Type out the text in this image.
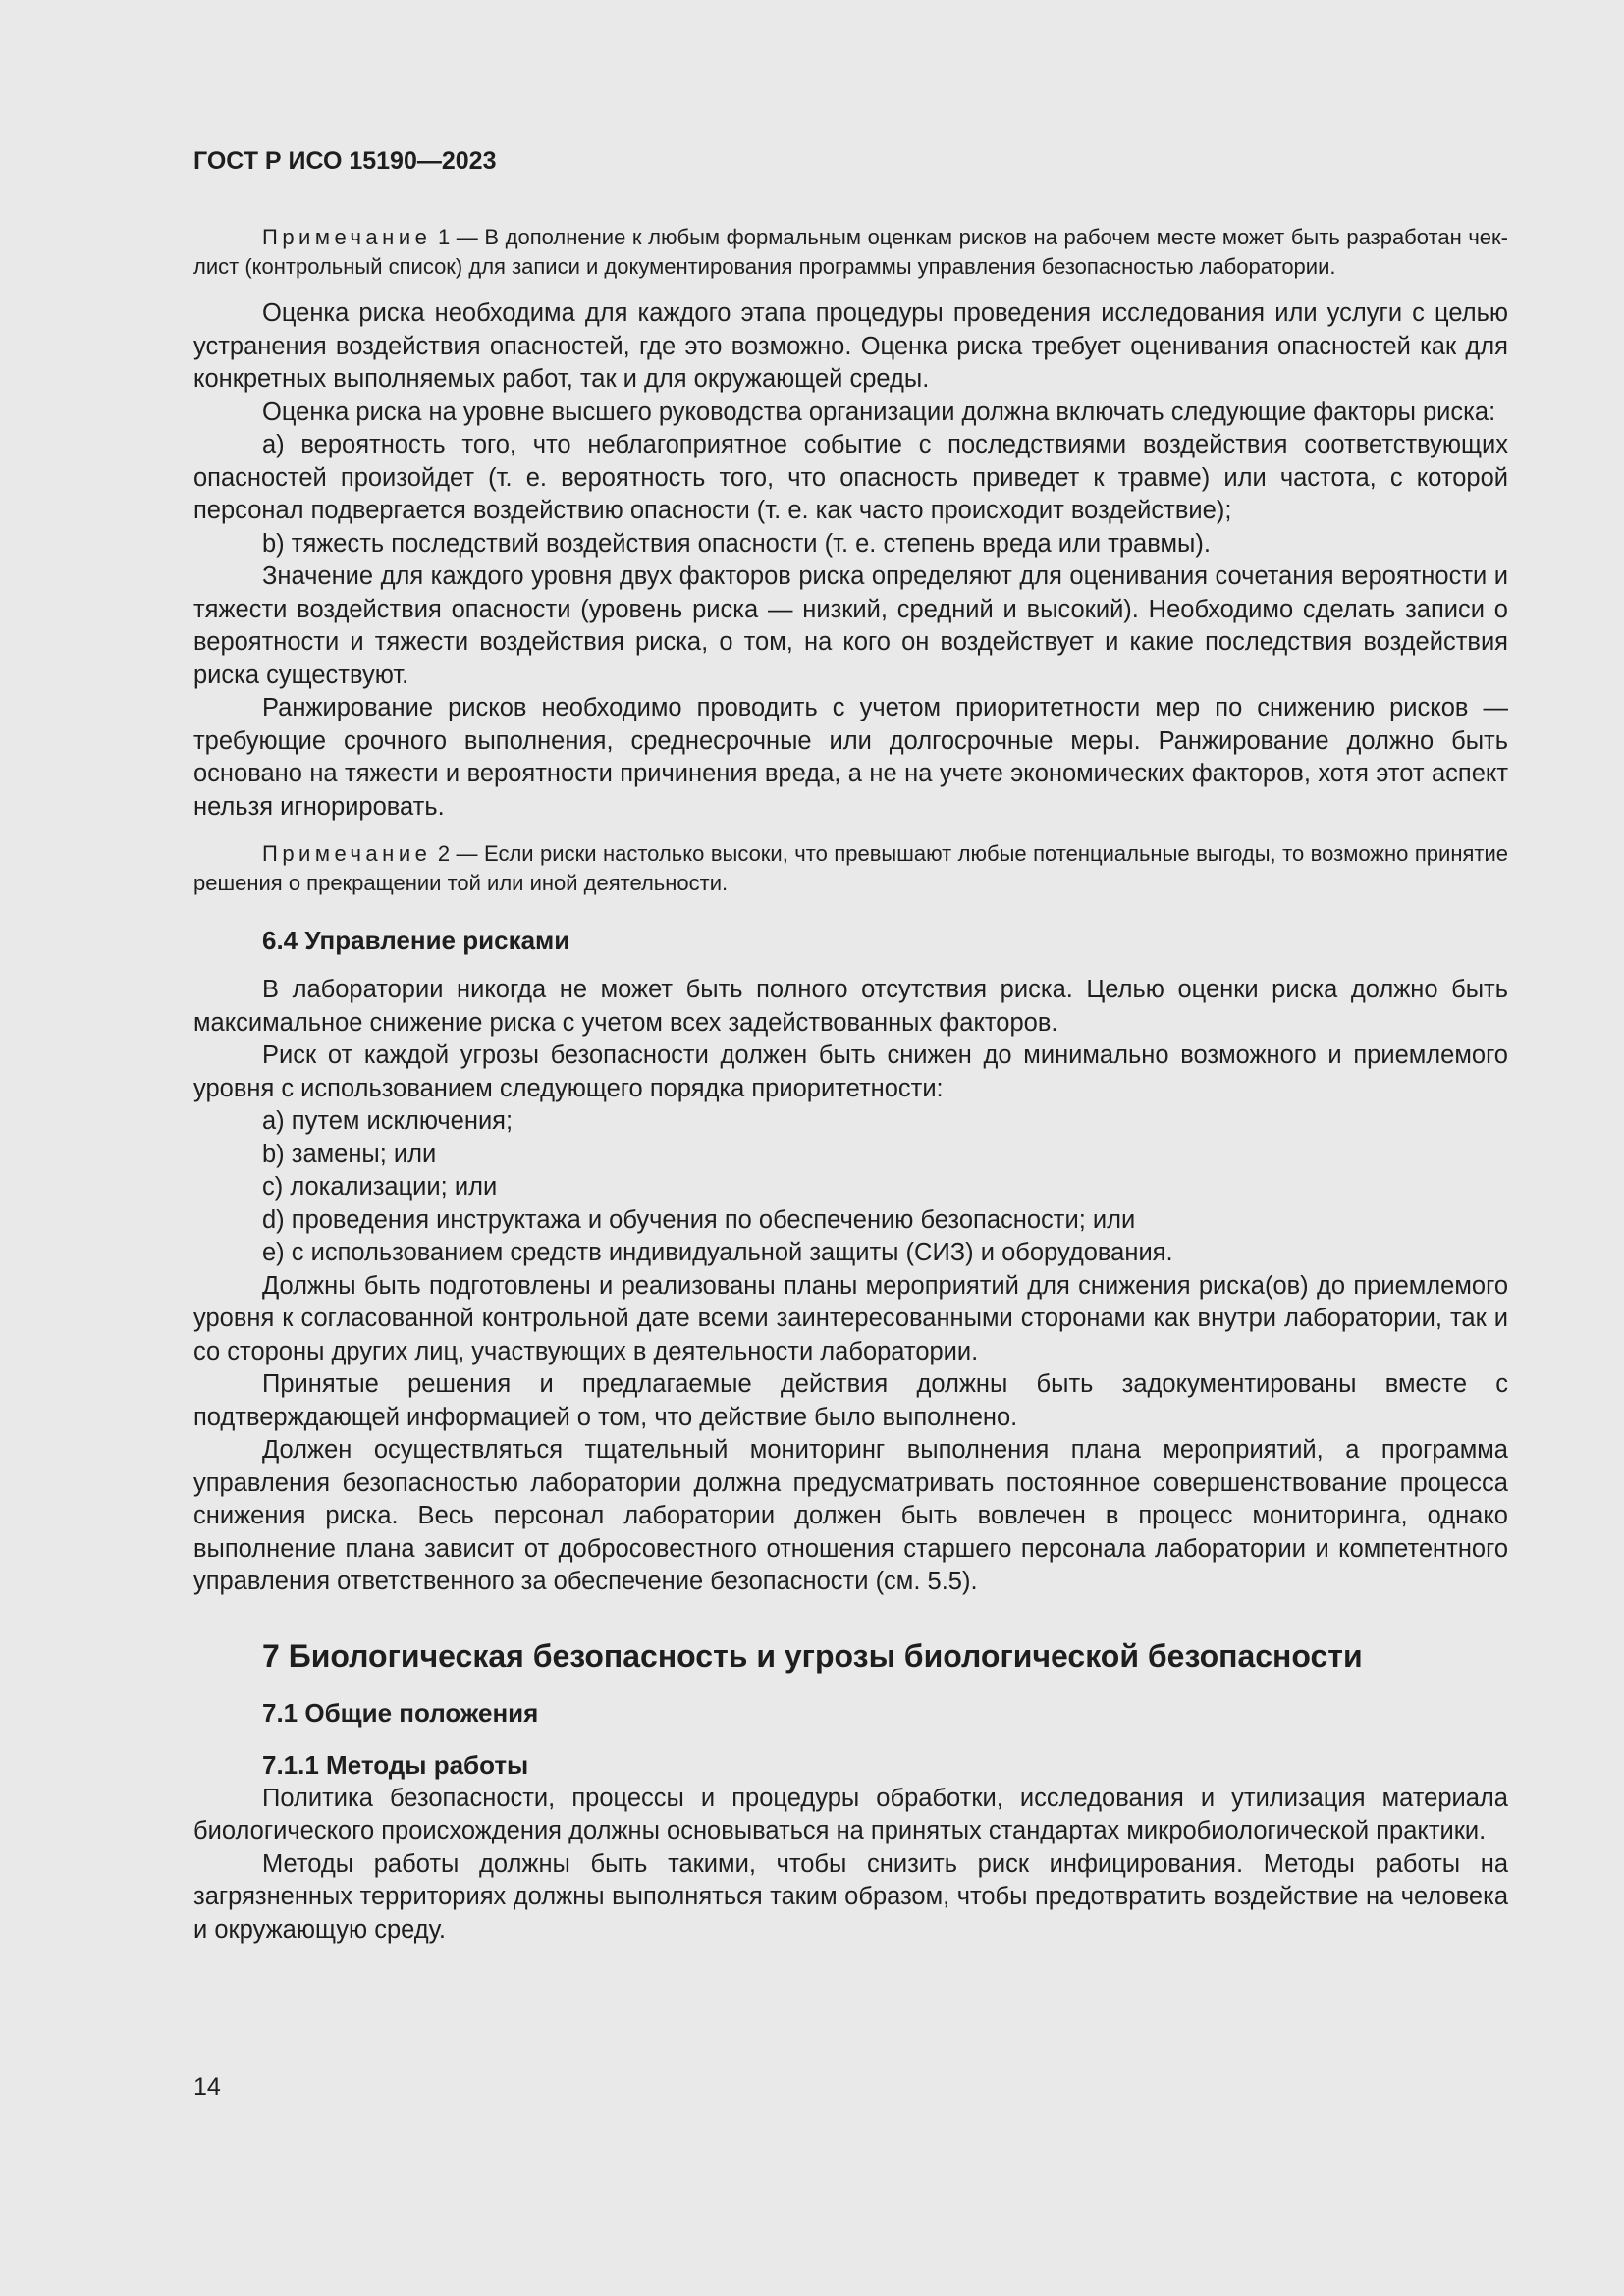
ГОСТ Р ИСО 15190—2023

Примечание 1 — В дополнение к любым формальным оценкам рисков на рабочем месте может быть разработан чек-лист (контрольный список) для записи и документирования программы управления безопасностью лаборатории.

Оценка риска необходима для каждого этапа процедуры проведения исследования или услуги с целью устранения воздействия опасностей, где это возможно. Оценка риска требует оценивания опасностей как для конкретных выполняемых работ, так и для окружающей среды.

Оценка риска на уровне высшего руководства организации должна включать следующие факторы риска:

a) вероятность того, что неблагоприятное событие с последствиями воздействия соответствующих опасностей произойдет (т. е. вероятность того, что опасность приведет к травме) или частота, с которой персонал подвергается воздействию опасности (т. е. как часто происходит воздействие);

b) тяжесть последствий воздействия опасности (т. е. степень вреда или травмы).

Значение для каждого уровня двух факторов риска определяют для оценивания сочетания вероятности и тяжести воздействия опасности (уровень риска — низкий, средний и высокий). Необходимо сделать записи о вероятности и тяжести воздействия риска, о том, на кого он воздействует и какие последствия воздействия риска существуют.

Ранжирование рисков необходимо проводить с учетом приоритетности мер по снижению рисков — требующие срочного выполнения, среднесрочные или долгосрочные меры. Ранжирование должно быть основано на тяжести и вероятности причинения вреда, а не на учете экономических факторов, хотя этот аспект нельзя игнорировать.

Примечание 2 — Если риски настолько высоки, что превышают любые потенциальные выгоды, то возможно принятие решения о прекращении той или иной деятельности.

6.4 Управление рисками

В лаборатории никогда не может быть полного отсутствия риска. Целью оценки риска должно быть максимальное снижение риска с учетом всех задействованных факторов.

Риск от каждой угрозы безопасности должен быть снижен до минимально возможного и приемлемого уровня с использованием следующего порядка приоритетности:

a) путем исключения;

b) замены; или

c) локализации; или

d) проведения инструктажа и обучения по обеспечению безопасности; или

e) с использованием средств индивидуальной защиты (СИЗ) и оборудования.

Должны быть подготовлены и реализованы планы мероприятий для снижения риска(ов) до приемлемого уровня к согласованной контрольной дате всеми заинтересованными сторонами как внутри лаборатории, так и со стороны других лиц, участвующих в деятельности лаборатории.

Принятые решения и предлагаемые действия должны быть задокументированы вместе с подтверждающей информацией о том, что действие было выполнено.

Должен осуществляться тщательный мониторинг выполнения плана мероприятий, а программа управления безопасностью лаборатории должна предусматривать постоянное совершенствование процесса снижения риска. Весь персонал лаборатории должен быть вовлечен в процесс мониторинга, однако выполнение плана зависит от добросовестного отношения старшего персонала лаборатории и компетентного управления ответственного за обеспечение безопасности (см. 5.5).

7 Биологическая безопасность и угрозы биологической безопасности
7.1 Общие положения
7.1.1 Методы работы

Политика безопасности, процессы и процедуры обработки, исследования и утилизация материала биологического происхождения должны основываться на принятых стандартах микробиологической практики.

Методы работы должны быть такими, чтобы снизить риск инфицирования. Методы работы на загрязненных территориях должны выполняться таким образом, чтобы предотвратить воздействие на человека и окружающую среду.

14
